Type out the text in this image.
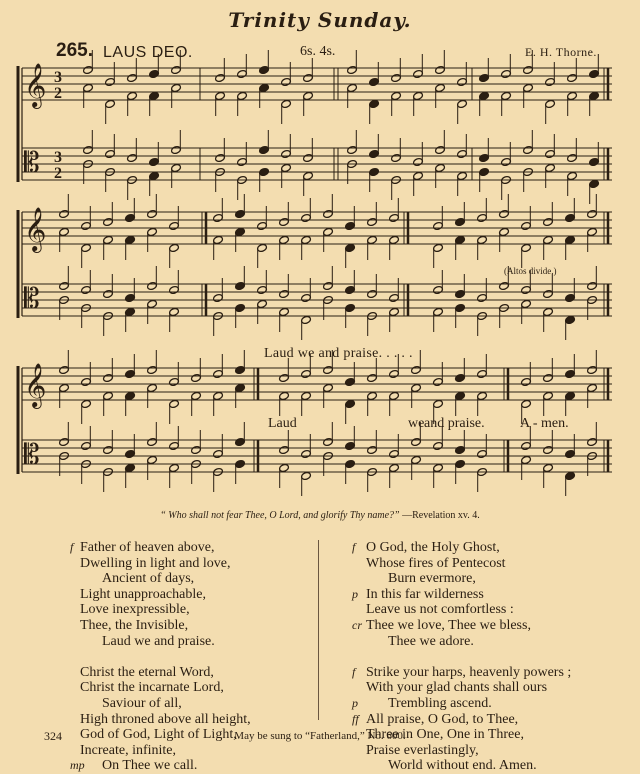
Trinity Sunday.
265. LAUS DEO.	6s. 4s.	E. H. Thorne.
𝄞
𝄡
3
3
2
2
𝄞
𝄡
𝄞
𝄡
(Altos divide.)
Laud we and praise. . . . .
Laud	we and praise.	A - men.
“ Who shall not fear Thee, O Lord, and glorify Thy name?” —Revelation xv. 4.
f Father of heaven above,
Dwelling in light and love,
Ancient of days,
Light unapproachable,
Love inexpressible,
Thee, the Invisible,
Laud we and praise.
Christ the eternal Word,
Christ the incarnate Lord,
Saviour of all,
High throned above all height,
God of God, Light of Light,
Increate, infinite,
mp On Thee we call.
f O God, the Holy Ghost,
Whose fires of Pentecost
Burn evermore,
p In this far wilderness
Leave us not comfortless :
cr Thee we love, Thee we bless,
Thee we adore.
f Strike your harps, heavenly powers ;
With your glad chants shall ours
p Trembling ascend.
ff All praise, O God, to Thee,
Three in One, One in Three,
Praise everlastingly,
World without end. Amen.
324	May be sung to “Fatherland,” No. 600.
